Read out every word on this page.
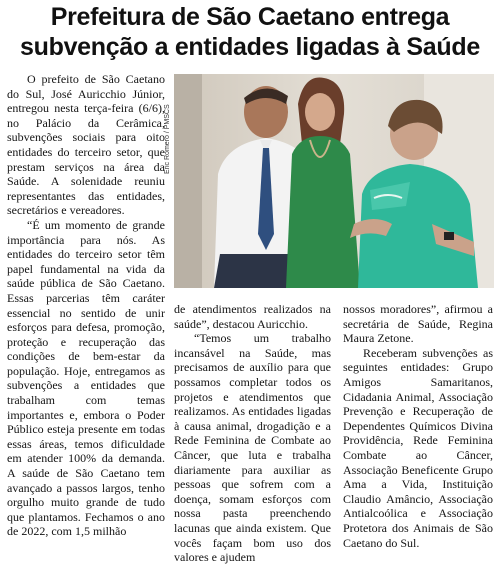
Prefeitura de São Caetano entrega
subvenção a entidades ligadas à Saúde

O prefeito de São Caetano do Sul, José Auricchio Júnior, entregou nesta terça-feira (6/6), no Palácio da Cerâmica, subvenções sociais para oito entidades do terceiro setor, que prestam serviços na área da Saúde. A solenidade reuniu representantes das entidades, secretários e vereadores.

“É um momento de grande importância para nós. As entidades do terceiro setor têm papel fundamental na vida da saúde pública de São Caetano. Essas parcerias têm caráter essencial no sentido de unir esforços para defesa, promoção, proteção e recuperação das condições de bem-estar da população. Hoje, entregamos as subvenções a entidades que trabalham com temas importantes e, embora o Poder Público esteja presente em todas essas áreas, temos dificuldade em atender 100% da demanda. A saúde de São Caetano tem avançado a passos largos, tenho orgulho muito grande de tudo que plantamos. Fechamos o ano de 2022, com 1,5 milhão

Eric Romero / PMSCS

de atendimentos realizados na saúde”, destacou Auricchio.

“Temos um trabalho incansável na Saúde, mas precisamos de auxílio para que possamos completar todos os projetos e atendimentos que realizamos. As entidades ligadas à causa animal, drogadição e a Rede Feminina de Combate ao Câncer, que luta e trabalha diariamente para auxiliar as pessoas que sofrem com a doença, somam esforços com nossa pasta preenchendo lacunas que ainda existem. Que vocês façam bom uso dos valores e ajudem

nossos moradores”, afirmou a secretária de Saúde, Regina Maura Zetone.

Receberam subvenções as seguintes entidades: Grupo Amigos Samaritanos, Cidadania Animal, Associação Prevenção e Recuperação de Dependentes Químicos Divina Providência, Rede Feminina Combate ao Câncer, Associação Beneficente Grupo Ama a Vida, Instituição Claudio Amâncio, Associação Antialcoólica e Associação Protetora dos Animais de São Caetano do Sul.
